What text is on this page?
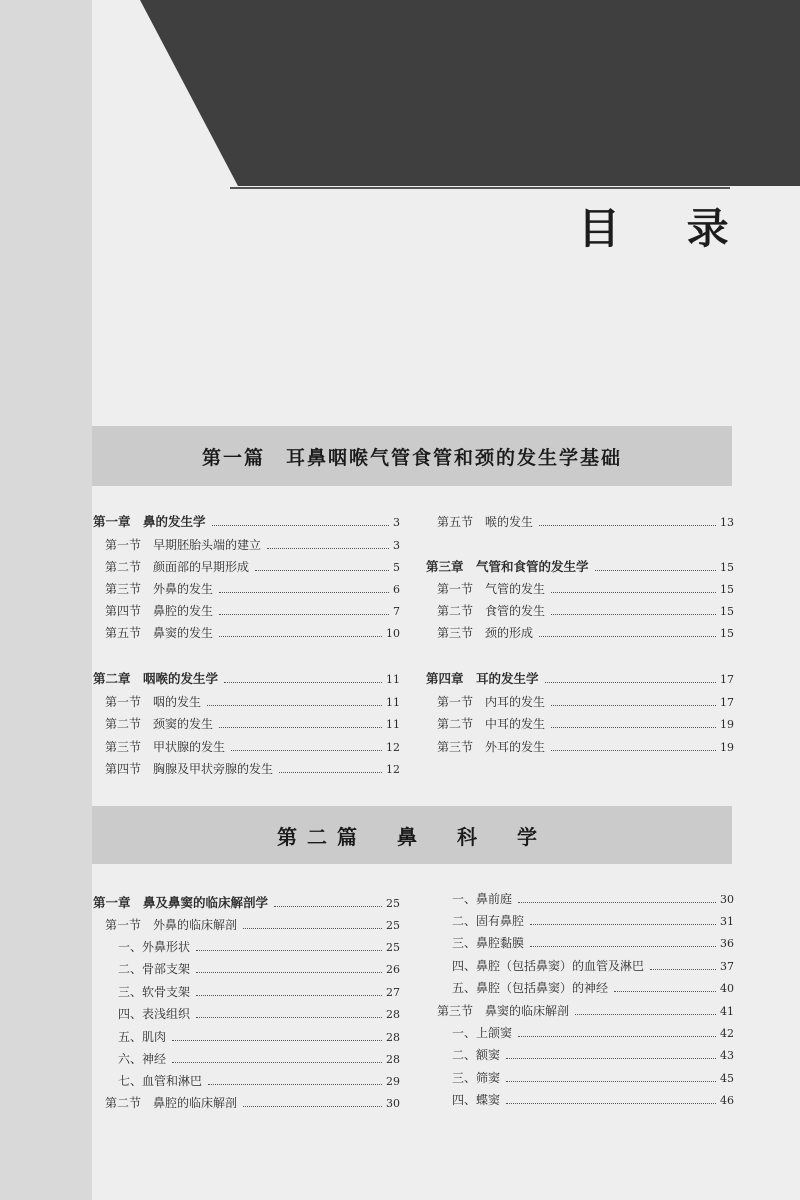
目 录
第一篇　耳鼻咽喉气管食管和颈的发生学基础
第二篇　鼻　科　学
第一章　鼻的发生学	3
第一节　早期胚胎头端的建立	3
第二节　颜面部的早期形成	5
第三节　外鼻的发生	6
第四节　鼻腔的发生	7
第五节　鼻窦的发生	10
第二章　咽喉的发生学	11
第一节　咽的发生	11
第二节　颈窦的发生	11
第三节　甲状腺的发生	12
第四节　胸腺及甲状旁腺的发生	12
第五节　喉的发生	13
第三章　气管和食管的发生学	15
第一节　气管的发生	15
第二节　食管的发生	15
第三节　颈的形成	15
第四章　耳的发生学	17
第一节　内耳的发生	17
第二节　中耳的发生	19
第三节　外耳的发生	19
第一章　鼻及鼻窦的临床解剖学	25
第一节　外鼻的临床解剖	25
一、外鼻形状	25
二、骨部支架	26
三、软骨支架	27
四、表浅组织	28
五、肌肉	28
六、神经	28
七、血管和淋巴	29
第二节　鼻腔的临床解剖	30
一、鼻前庭	30
二、固有鼻腔	31
三、鼻腔黏膜	36
四、鼻腔（包括鼻窦）的血管及淋巴	37
五、鼻腔（包括鼻窦）的神经	40
第三节　鼻窦的临床解剖	41
一、上颌窦	42
二、额窦	43
三、筛窦	45
四、蝶窦	46
